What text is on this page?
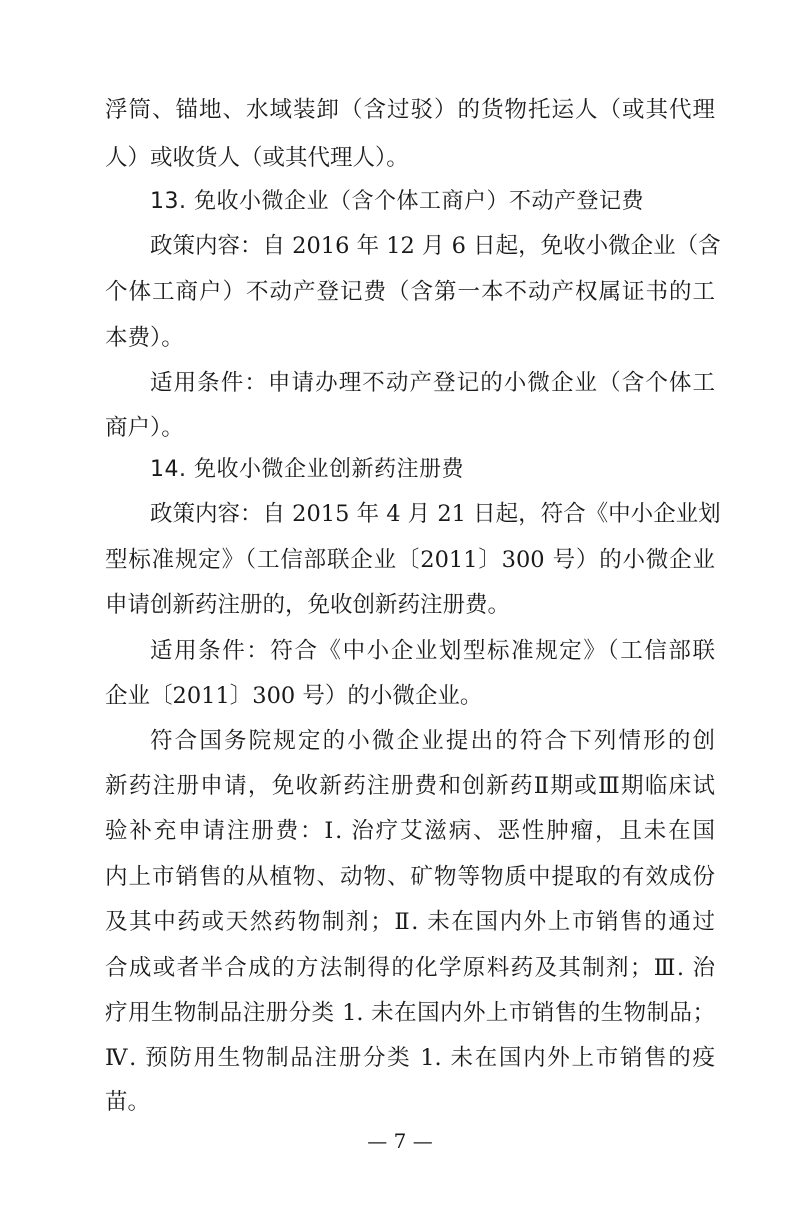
浮筒、锚地、水域装卸（含过驳）的货物托运人（或其代理
人）或收货人（或其代理人）。
13. 免收小微企业（含个体工商户）不动产登记费
政策内容：自 2016 年 12 月 6 日起，免收小微企业（含
个体工商户）不动产登记费（含第一本不动产权属证书的工
本费）。
适用条件：申请办理不动产登记的小微企业（含个体工
商户）。
14. 免收小微企业创新药注册费
政策内容：自 2015 年 4 月 21 日起，符合《中小企业划
型标准规定》（工信部联企业〔2011〕300 号）的小微企业
申请创新药注册的，免收创新药注册费。
适用条件：符合《中小企业划型标准规定》（工信部联
企业〔2011〕300 号）的小微企业。
符合国务院规定的小微企业提出的符合下列情形的创
新药注册申请，免收新药注册费和创新药Ⅱ期或Ⅲ期临床试
验补充申请注册费：Ⅰ. 治疗艾滋病、恶性肿瘤，且未在国
内上市销售的从植物、动物、矿物等物质中提取的有效成份
及其中药或天然药物制剂；Ⅱ. 未在国内外上市销售的通过
合成或者半合成的方法制得的化学原料药及其制剂；Ⅲ. 治
疗用生物制品注册分类 1. 未在国内外上市销售的生物制品；
Ⅳ. 预防用生物制品注册分类 1. 未在国内外上市销售的疫
苗。
— 7 —
